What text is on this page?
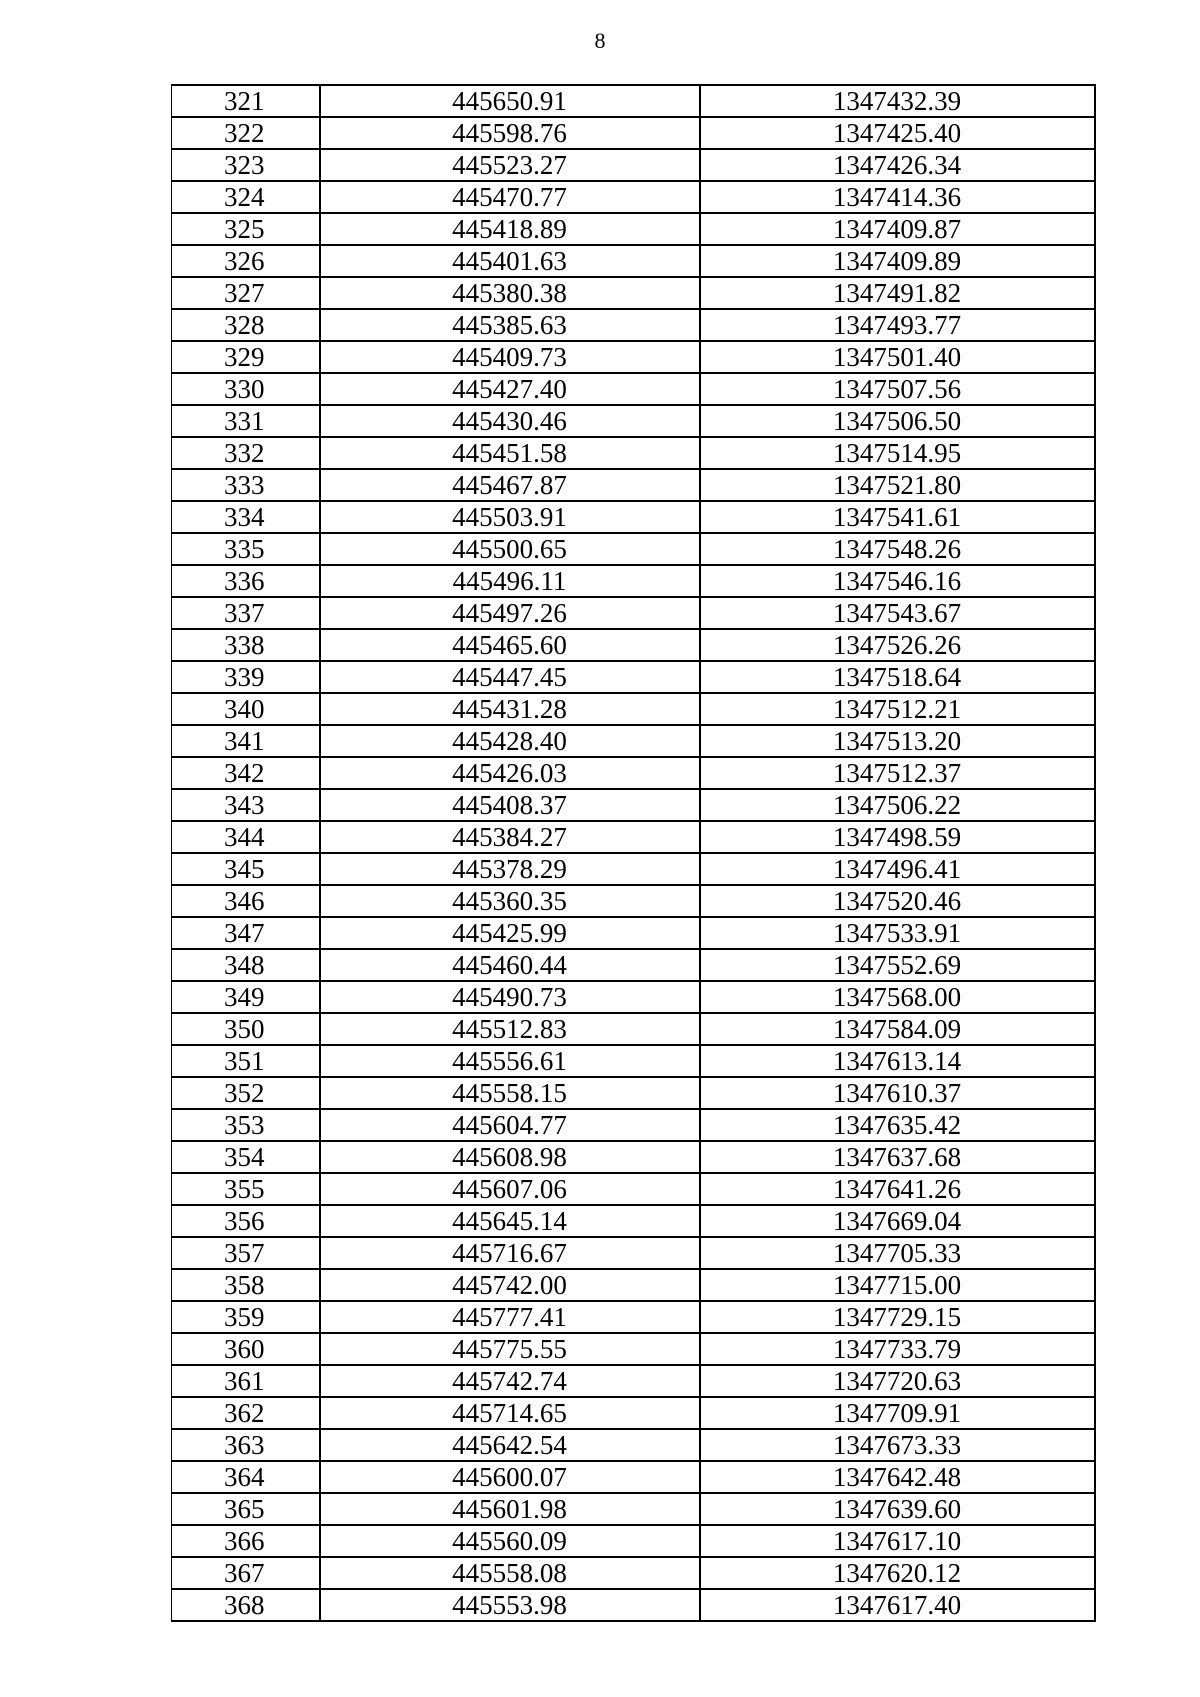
8
321	445650.91	1347432.39
322	445598.76	1347425.40
323	445523.27	1347426.34
324	445470.77	1347414.36
325	445418.89	1347409.87
326	445401.63	1347409.89
327	445380.38	1347491.82
328	445385.63	1347493.77
329	445409.73	1347501.40
330	445427.40	1347507.56
331	445430.46	1347506.50
332	445451.58	1347514.95
333	445467.87	1347521.80
334	445503.91	1347541.61
335	445500.65	1347548.26
336	445496.11	1347546.16
337	445497.26	1347543.67
338	445465.60	1347526.26
339	445447.45	1347518.64
340	445431.28	1347512.21
341	445428.40	1347513.20
342	445426.03	1347512.37
343	445408.37	1347506.22
344	445384.27	1347498.59
345	445378.29	1347496.41
346	445360.35	1347520.46
347	445425.99	1347533.91
348	445460.44	1347552.69
349	445490.73	1347568.00
350	445512.83	1347584.09
351	445556.61	1347613.14
352	445558.15	1347610.37
353	445604.77	1347635.42
354	445608.98	1347637.68
355	445607.06	1347641.26
356	445645.14	1347669.04
357	445716.67	1347705.33
358	445742.00	1347715.00
359	445777.41	1347729.15
360	445775.55	1347733.79
361	445742.74	1347720.63
362	445714.65	1347709.91
363	445642.54	1347673.33
364	445600.07	1347642.48
365	445601.98	1347639.60
366	445560.09	1347617.10
367	445558.08	1347620.12
368	445553.98	1347617.40
